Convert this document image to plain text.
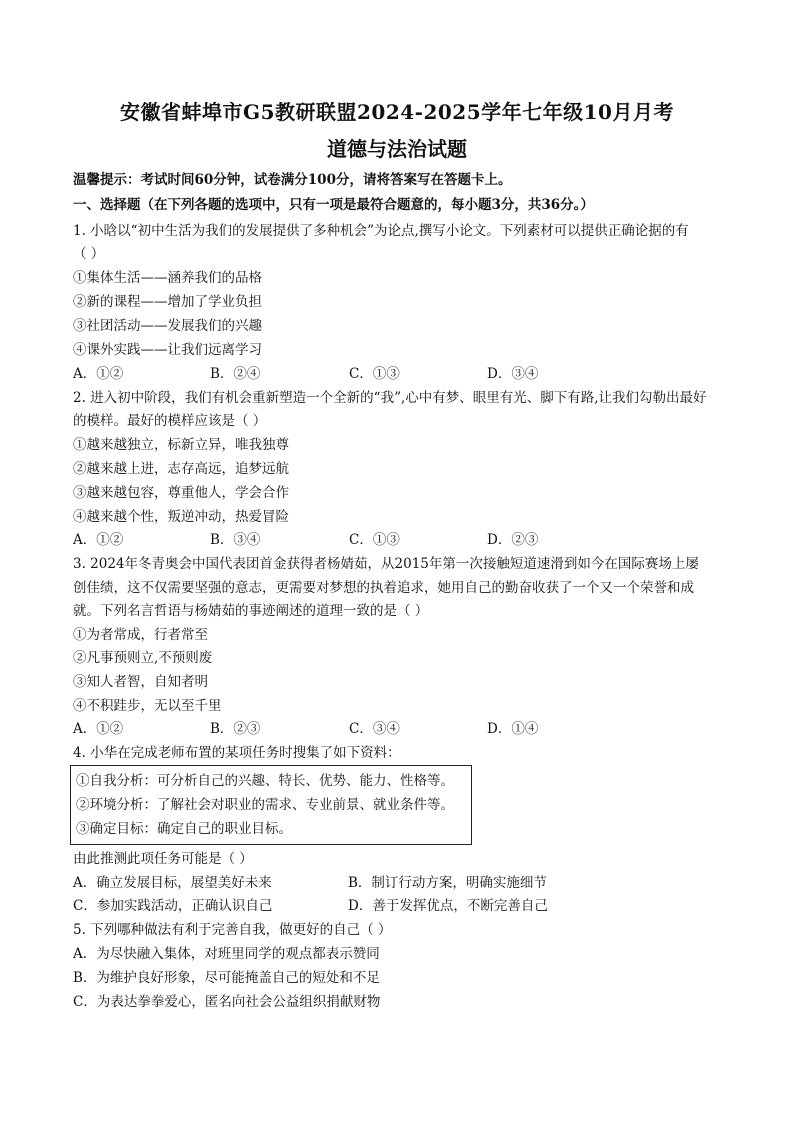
安徽省蚌埠市G5教研联盟2024-2025学年七年级10月月考
道德与法治试题
温馨提示：考试时间60分钟，试卷满分100分，请将答案写在答题卡上。
一、选择题（在下列各题的选项中，只有一项是最符合题意的，每小题3分，共36分。）
1. 小晗以“初中生活为我们的发展提供了多种机会”为论点,撰写小论文。下列素材可以提供正确论据的有
（ ）
①集体生活——涵养我们的品格
②新的课程——增加了学业负担
③社团活动——发展我们的兴趣
④课外实践——让我们远离学习
A．①②	B．②④	C．①③	D．③④
2. 进入初中阶段，我们有机会重新塑造一个全新的“我”,心中有梦、眼里有光、脚下有路,让我们勾勒出最好
的模样。最好的模样应该是（ ）
①越来越独立，标新立异，唯我独尊
②越来越上进，志存高远，追梦远航
③越来越包容，尊重他人，学会合作
④越来越个性，叛逆冲动，热爱冒险
A．①②	B．③④	C．①③	D．②③
3. 2024年冬青奥会中国代表团首金获得者杨婧茹，从2015年第一次接触短道速滑到如今在国际赛场上屡
创佳绩，这不仅需要坚强的意志，更需要对梦想的执着追求，她用自己的勤奋收获了一个又一个荣誉和成
就。下列名言哲语与杨婧茹的事迹阐述的道理一致的是（ ）
①为者常成，行者常至
②凡事预则立,不预则废
③知人者智，自知者明
④不积跬步，无以至千里
A．①②	B．②③	C．③④	D．①④
4. 小华在完成老师布置的某项任务时搜集了如下资料：
①自我分析：可分析自己的兴趣、特长、优势、能力、性格等。
②环境分析：了解社会对职业的需求、专业前景、就业条件等。
③确定目标：确定自己的职业目标。
由此推测此项任务可能是（ ）
A．确立发展目标，展望美好未来	B．制订行动方案，明确实施细节
C．参加实践活动，正确认识自己	D．善于发挥优点，不断完善自己
5. 下列哪种做法有利于完善自我，做更好的自己（ ）
A．为尽快融入集体，对班里同学的观点都表示赞同
B．为维护良好形象，尽可能掩盖自己的短处和不足
C．为表达拳拳爱心，匿名向社会公益组织捐献财物
